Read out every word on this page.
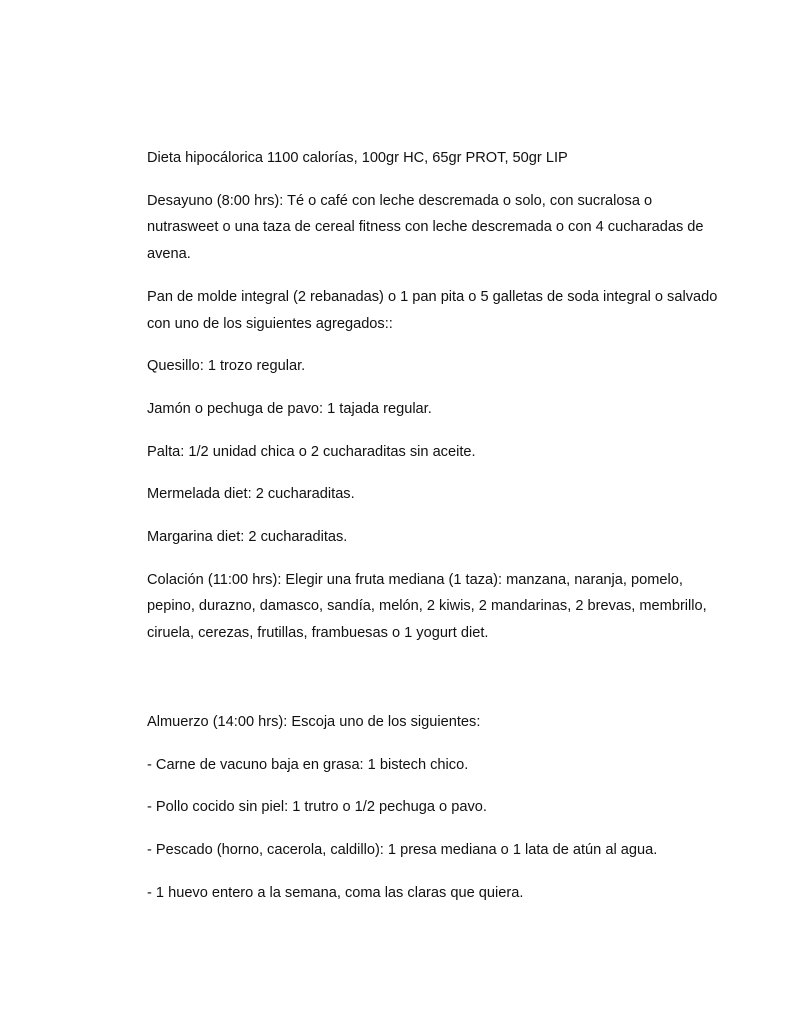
Dieta hipocálorica 1100 calorías, 100gr HC, 65gr PROT, 50gr LIP

Desayuno (8:00 hrs): Té o café con leche descremada o solo, con sucralosa o nutrasweet o una taza de cereal fitness con leche descremada o con 4 cucharadas de avena.

Pan de molde integral (2 rebanadas) o 1 pan pita o 5 galletas de soda integral o salvado con uno de los siguientes agregados::

Quesillo: 1 trozo regular.

Jamón o pechuga de pavo: 1 tajada regular.

Palta: 1/2 unidad chica o 2 cucharaditas sin aceite.

Mermelada diet: 2 cucharaditas.

Margarina diet: 2 cucharaditas.

Colación (11:00 hrs): Elegir una fruta mediana (1 taza): manzana, naranja, pomelo, pepino, durazno, damasco, sandía, melón, 2 kiwis, 2 mandarinas, 2 brevas, membrillo, ciruela, cerezas, frutillas, frambuesas o 1 yogurt diet.

Almuerzo (14:00 hrs): Escoja uno de los siguientes:

- Carne de vacuno baja en grasa: 1 bistech chico.

- Pollo cocido sin piel: 1 trutro o 1/2 pechuga o pavo.

- Pescado (horno, cacerola, caldillo): 1 presa mediana o 1 lata de atún al agua.

- 1 huevo entero a la semana, coma las claras que quiera.
